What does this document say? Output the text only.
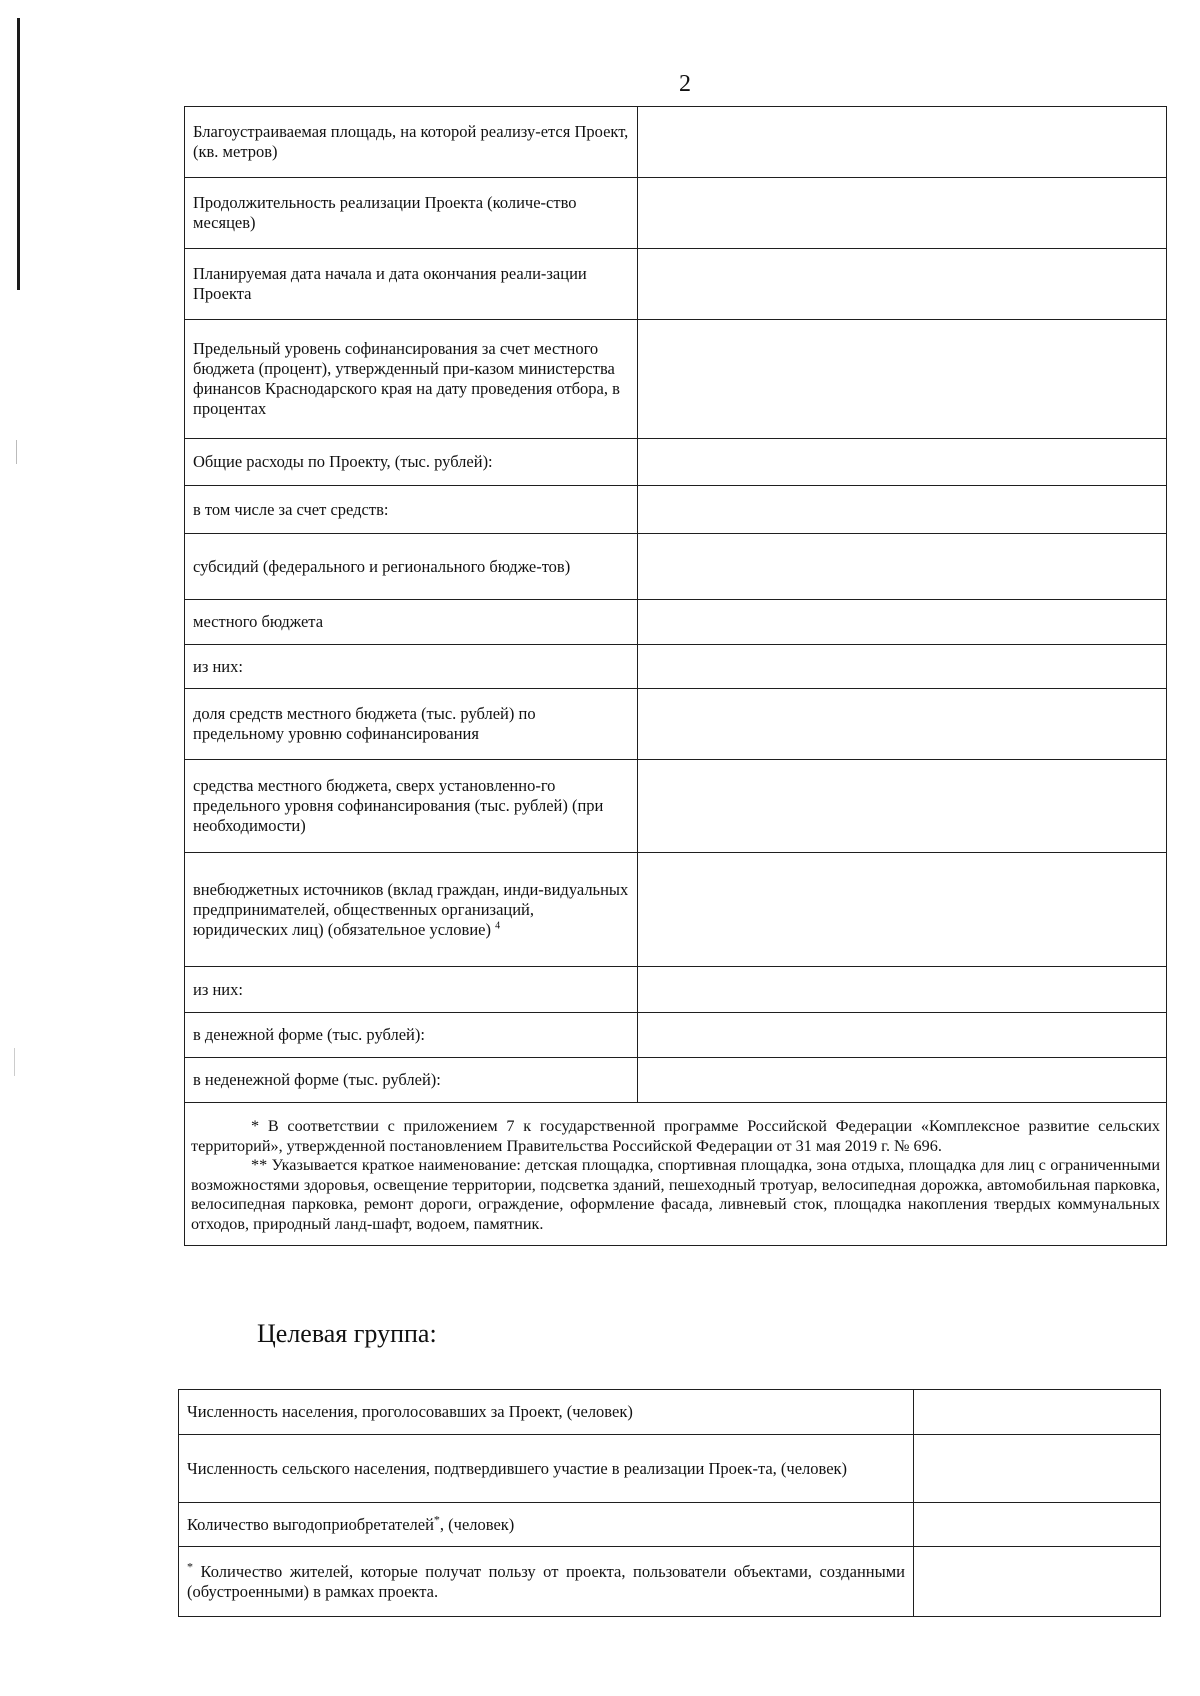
2
Благоустраиваемая площадь, на которой реализу-ется Проект, (кв. метров)	
Продолжительность реализации Проекта (количе-ство месяцев)	
Планируемая дата начала и дата окончания реали-зации Проекта	
Предельный уровень софинансирования за счет местного бюджета (процент), утвержденный при-казом министерства финансов Краснодарского края на дату проведения отбора, в процентах	
Общие расходы по Проекту, (тыс. рублей):	
в том числе за счет средств:	
субсидий (федерального и регионального бюдже-тов)	
местного бюджета	
из них:	
доля средств местного бюджета (тыс. рублей) по предельному уровню софинансирования	
средства местного бюджета, сверх установленно-го предельного уровня софинансирования (тыс. рублей) (при необходимости)	
внебюджетных источников (вклад граждан, инди-видуальных предпринимателей, общественных организаций, юридических лиц) (обязательное условие) $^4$	
из них:	
в денежной форме (тыс. рублей):	
в неденежной форме (тыс. рублей):	

* В соответствии с приложением 7 к государственной программе Российской Федерации «Комплексное развитие сельских территорий», утвержденной постановлением Правительства Российской Федерации от 31 мая 2019 г. № 696.
** Указывается краткое наименование: детская площадка, спортивная площадка, зона отдыха, площадка для лиц с ограниченными возможностями здоровья, освещение территории, подсветка зданий, пешеходный тротуар, велосипедная дорожка, автомобильная парковка, велосипедная парковка, ремонт дороги, ограждение, оформление фасада, ливневый сток, площадка накопления твердых коммунальных отходов, природный ланд-шафт, водоем, памятник.	
Целевая группа:
Численность населения, проголосовавших за Проект, (человек)	
Численность сельского населения, подтвердившего участие в реализации Проек-та, (человек)	
Количество выгодоприобретателей*, (человек)	
* Количество жителей, которые получат пользу от проекта, пользователи объектами, созданными (обустроенными) в рамках проекта.	
